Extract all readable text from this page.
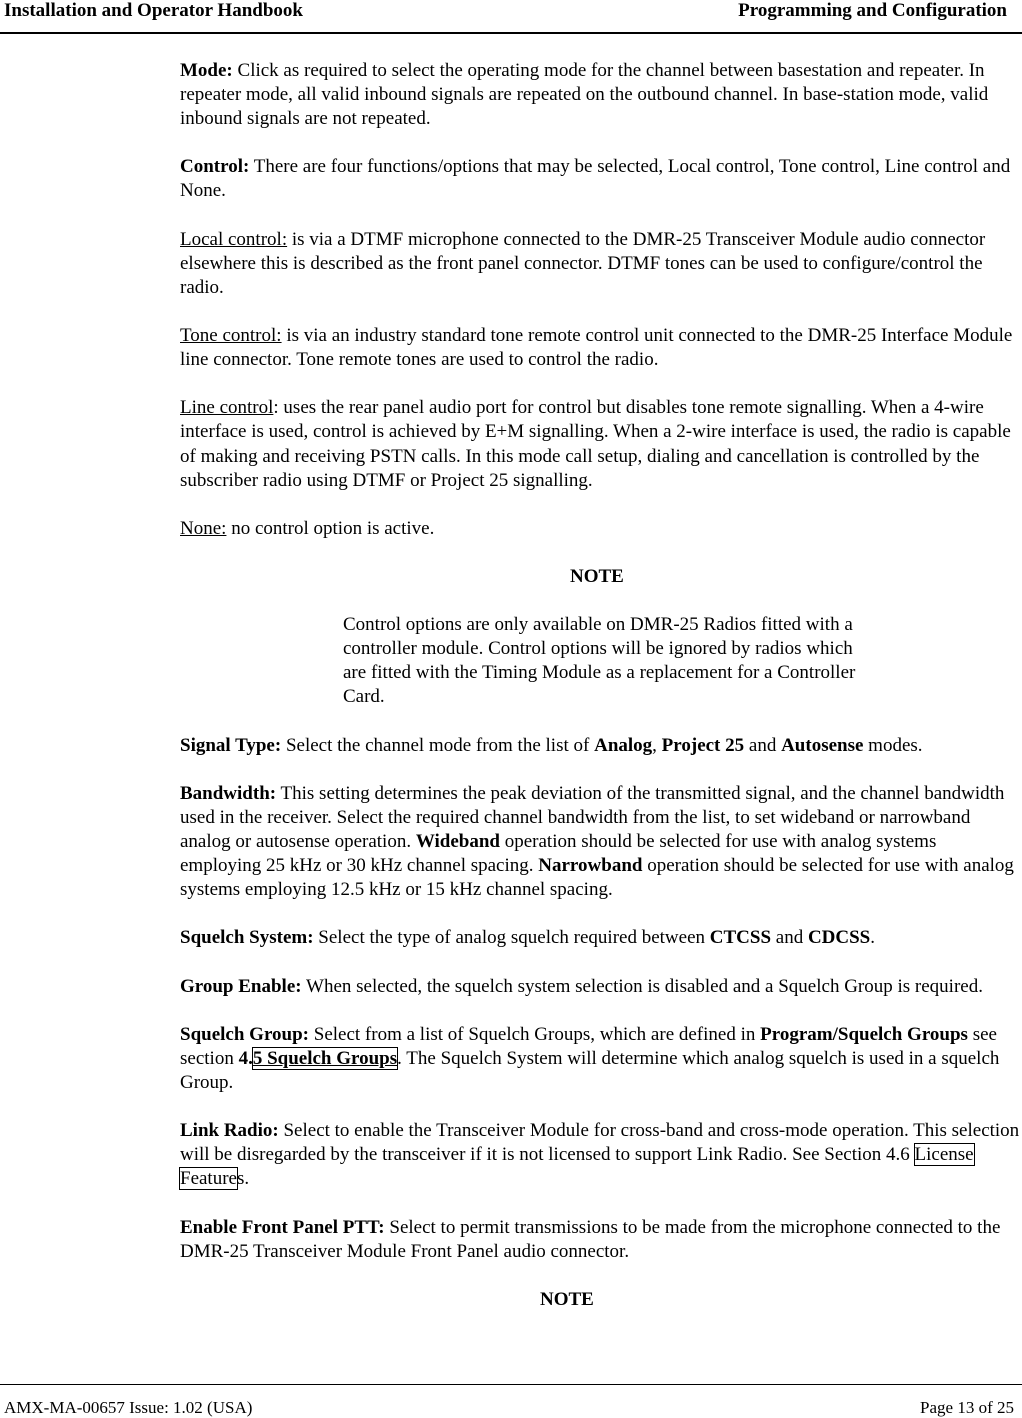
Installation and Operator Handbook	Programming and Configuration

Mode: Click as required to select the operating mode for the channel between basestation and repeater. In repeater mode, all valid inbound signals are repeated on the outbound channel. In base-station mode, valid inbound signals are not repeated.

Control: There are four functions/options that may be selected, Local control, Tone control, Line control and None.

Local control: is via a DTMF microphone connected to the DMR-25 Transceiver Module audio connector elsewhere this is described as the front panel connector. DTMF tones can be used to configure/control the radio.

Tone control: is via an industry standard tone remote control unit connected to the DMR-25 Interface Module line connector. Tone remote tones are used to control the radio.

Line control: uses the rear panel audio port for control but disables tone remote signalling. When a 4-wire interface is used, control is achieved by E+M signalling. When a 2-wire interface is used, the radio is capable of making and receiving PSTN calls. In this mode call setup, dialing and cancellation is controlled by the subscriber radio using DTMF or Project 25 signalling.

None: no control option is active.

NOTE

Control options are only available on DMR-25 Radios fitted with a controller module. Control options will be ignored by radios which are fitted with the Timing Module as a replacement for a Controller Card.

Signal Type: Select the channel mode from the list of Analog, Project 25 and Autosense modes.

Bandwidth: This setting determines the peak deviation of the transmitted signal, and the channel bandwidth used in the receiver. Select the required channel bandwidth from the list, to set wideband or narrowband analog or autosense operation. Wideband operation should be selected for use with analog systems employing 25 kHz or 30 kHz channel spacing. Narrowband operation should be selected for use with analog systems employing 12.5 kHz or 15 kHz channel spacing.

Squelch System: Select the type of analog squelch required between CTCSS and CDCSS.

Group Enable: When selected, the squelch system selection is disabled and a Squelch Group is required.

Squelch Group: Select from a list of Squelch Groups, which are defined in Program/Squelch Groups see section 4.5 Squelch Groups. The Squelch System will determine which analog squelch is used in a squelch Group.

Link Radio: Select to enable the Transceiver Module for cross-band and cross-mode operation. This selection will be disregarded by the transceiver if it is not licensed to support Link Radio. See Section 4.6 License Features.

Enable Front Panel PTT: Select to permit transmissions to be made from the microphone connected to the DMR-25 Transceiver Module Front Panel audio connector.

NOTE

AMX-MA-00657 Issue: 1.02 (USA)	Page 13 of 25
